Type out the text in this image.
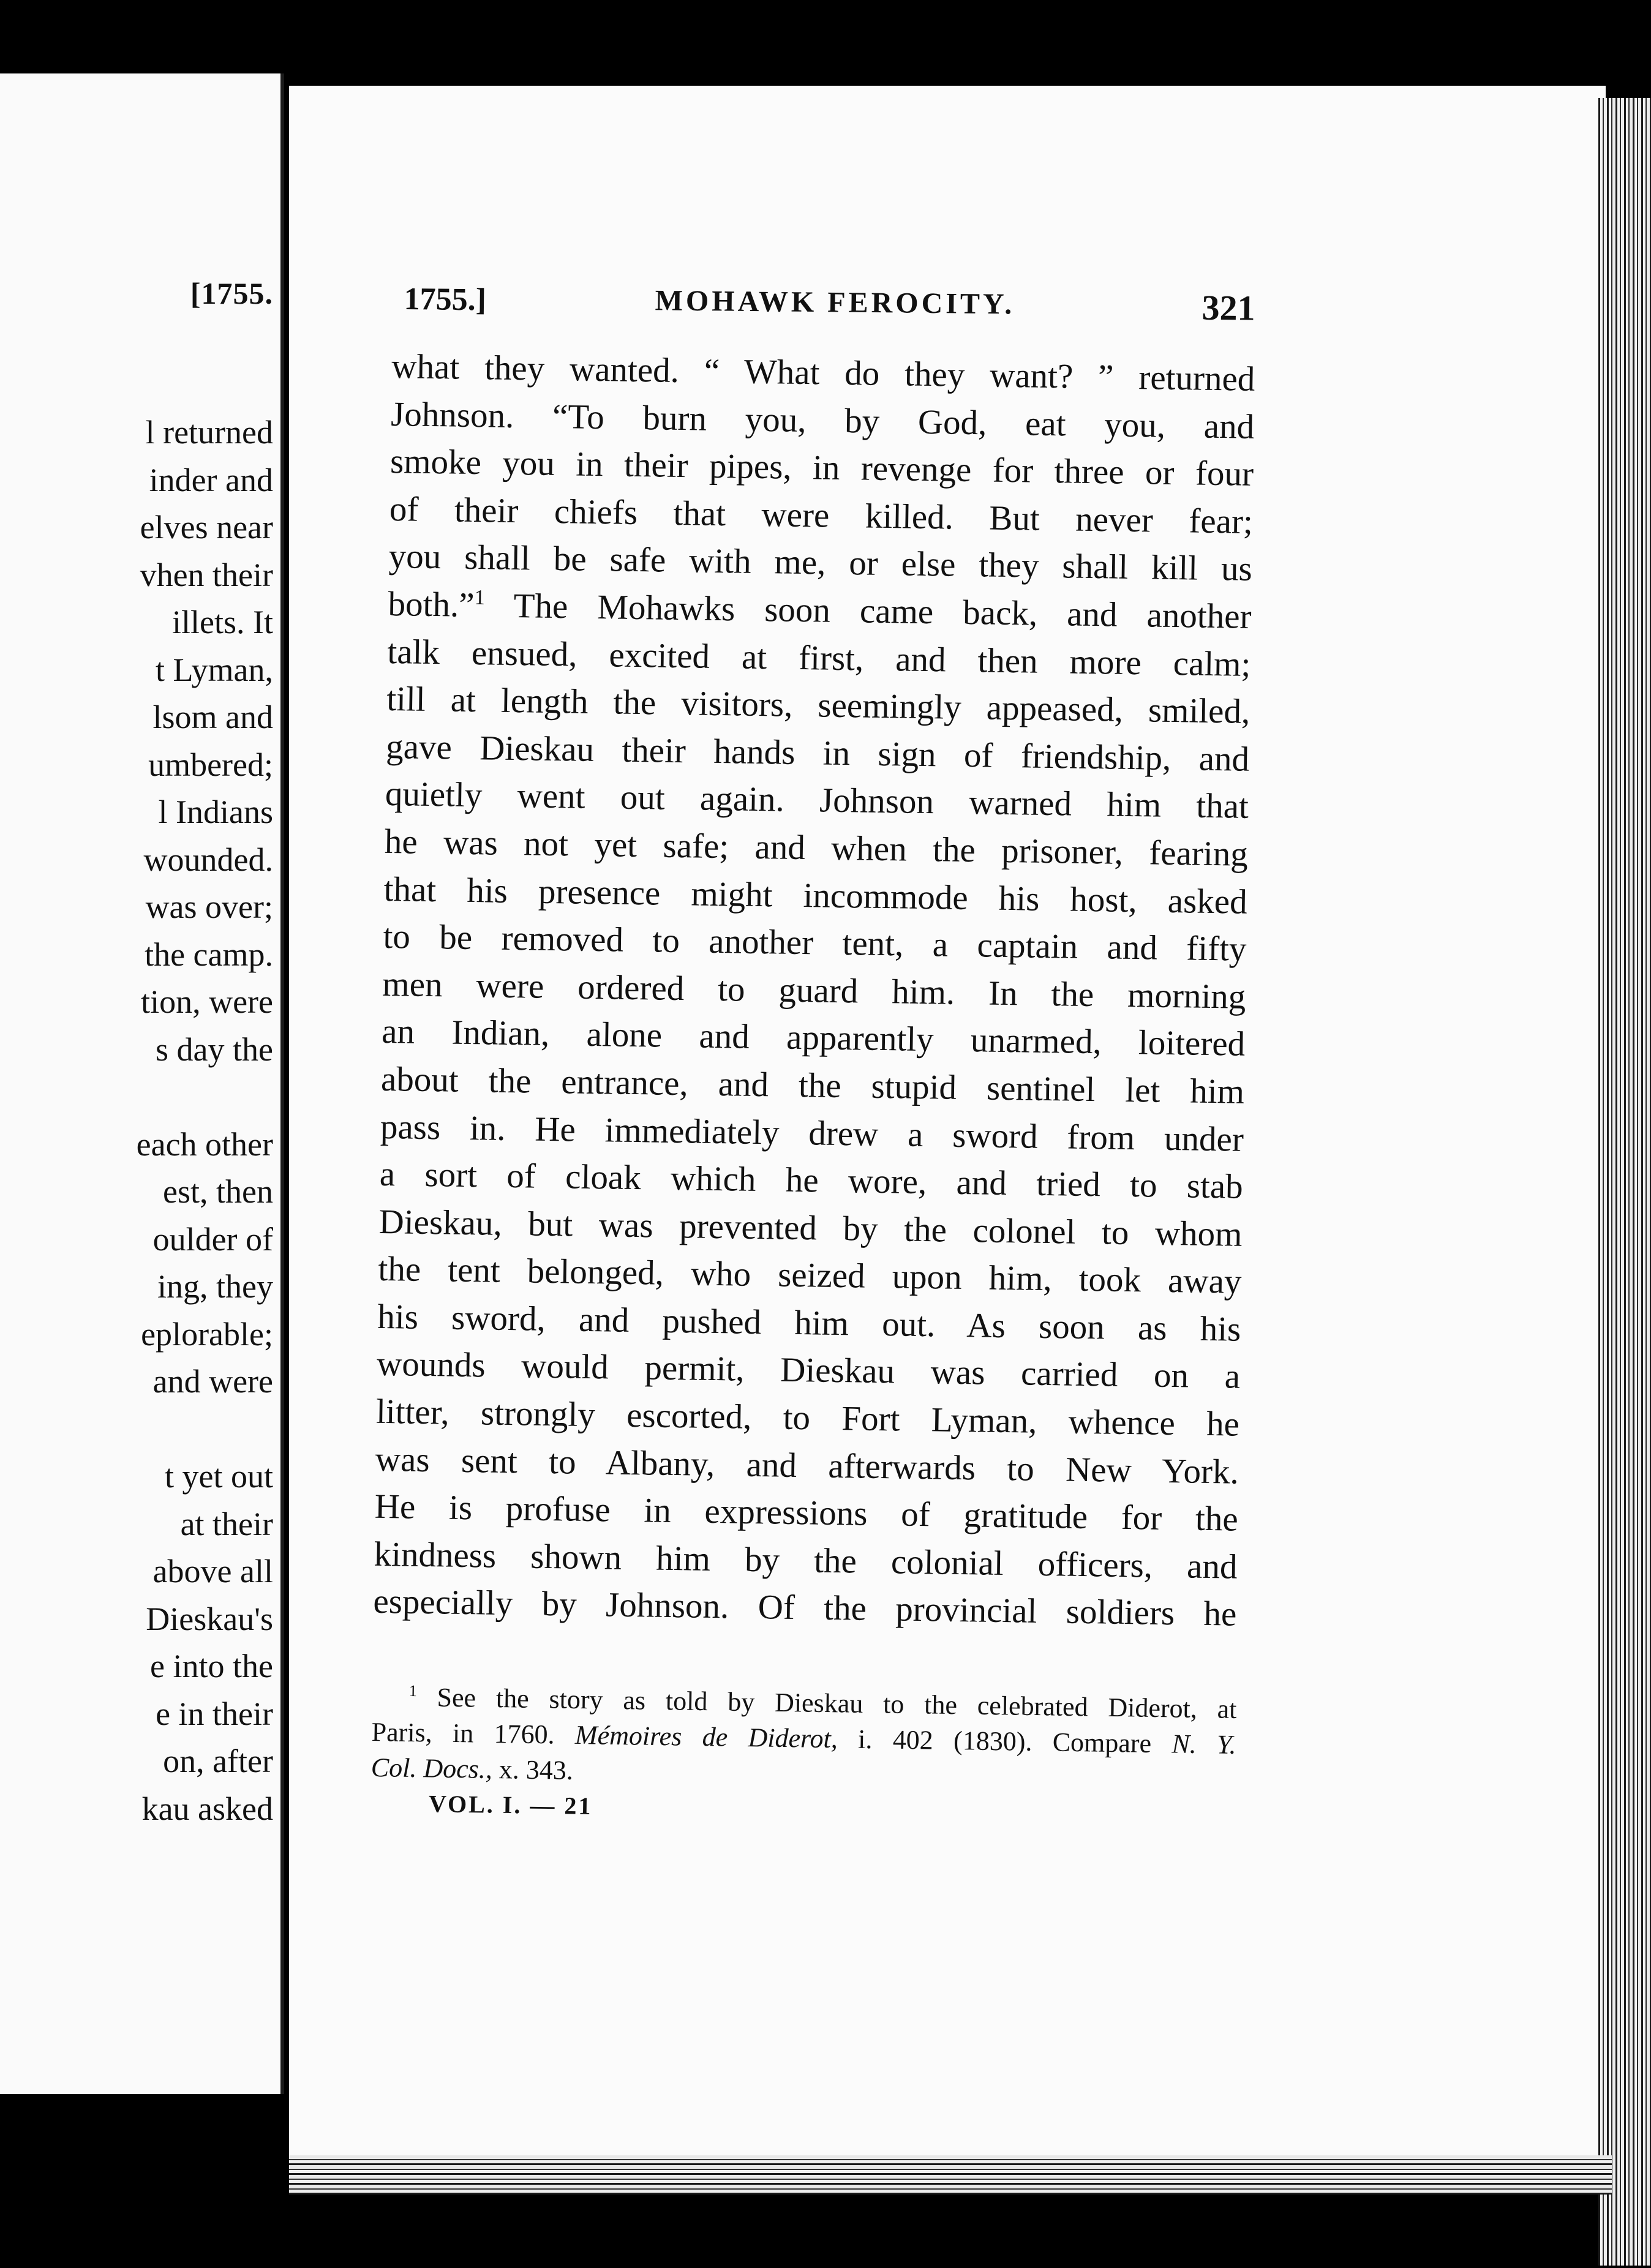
[1755.
l returned
inder and
elves near
vhen their
illets. It
t Lyman,
lsom and
umbered;
l Indians
wounded.
was over;
the camp.
tion, were
s day the
each other
est, then
oulder of
ing, they
eplorable;
and were
t yet out
at their
above all
Dieskau's
e into the
e in their
on, after
kau asked
1755.]	MOHAWK FEROCITY.	321
what they wanted. “ What do they want? ” returned
Johnson. “To burn you, by God, eat you, and
smoke you in their pipes, in revenge for three or four
of their chiefs that were killed. But never fear;
you shall be safe with me, or else they shall kill us
both.”$^1$ The Mohawks soon came back, and another
talk ensued, excited at first, and then more calm;
till at length the visitors, seemingly appeased, smiled,
gave Dieskau their hands in sign of friendship, and
quietly went out again. Johnson warned him that
he was not yet safe; and when the prisoner, fearing
that his presence might incommode his host, asked
to be removed to another tent, a captain and fifty
men were ordered to guard him. In the morning
an Indian, alone and apparently unarmed, loitered
about the entrance, and the stupid sentinel let him
pass in. He immediately drew a sword from under
a sort of cloak which he wore, and tried to stab
Dieskau, but was prevented by the colonel to whom
the tent belonged, who seized upon him, took away
his sword, and pushed him out. As soon as his
wounds would permit, Dieskau was carried on a
litter, strongly escorted, to Fort Lyman, whence he
was sent to Albany, and afterwards to New York.
He is profuse in expressions of gratitude for the
kindness shown him by the colonial officers, and
especially by Johnson. Of the provincial soldiers he
$^1$ See the story as told by Dieskau to the celebrated Diderot, at
Paris, in 1760. Mémoires de Diderot, i. 402 (1830). Compare N. Y.
Col. Docs., x. 343.
VOL. I. — 21
